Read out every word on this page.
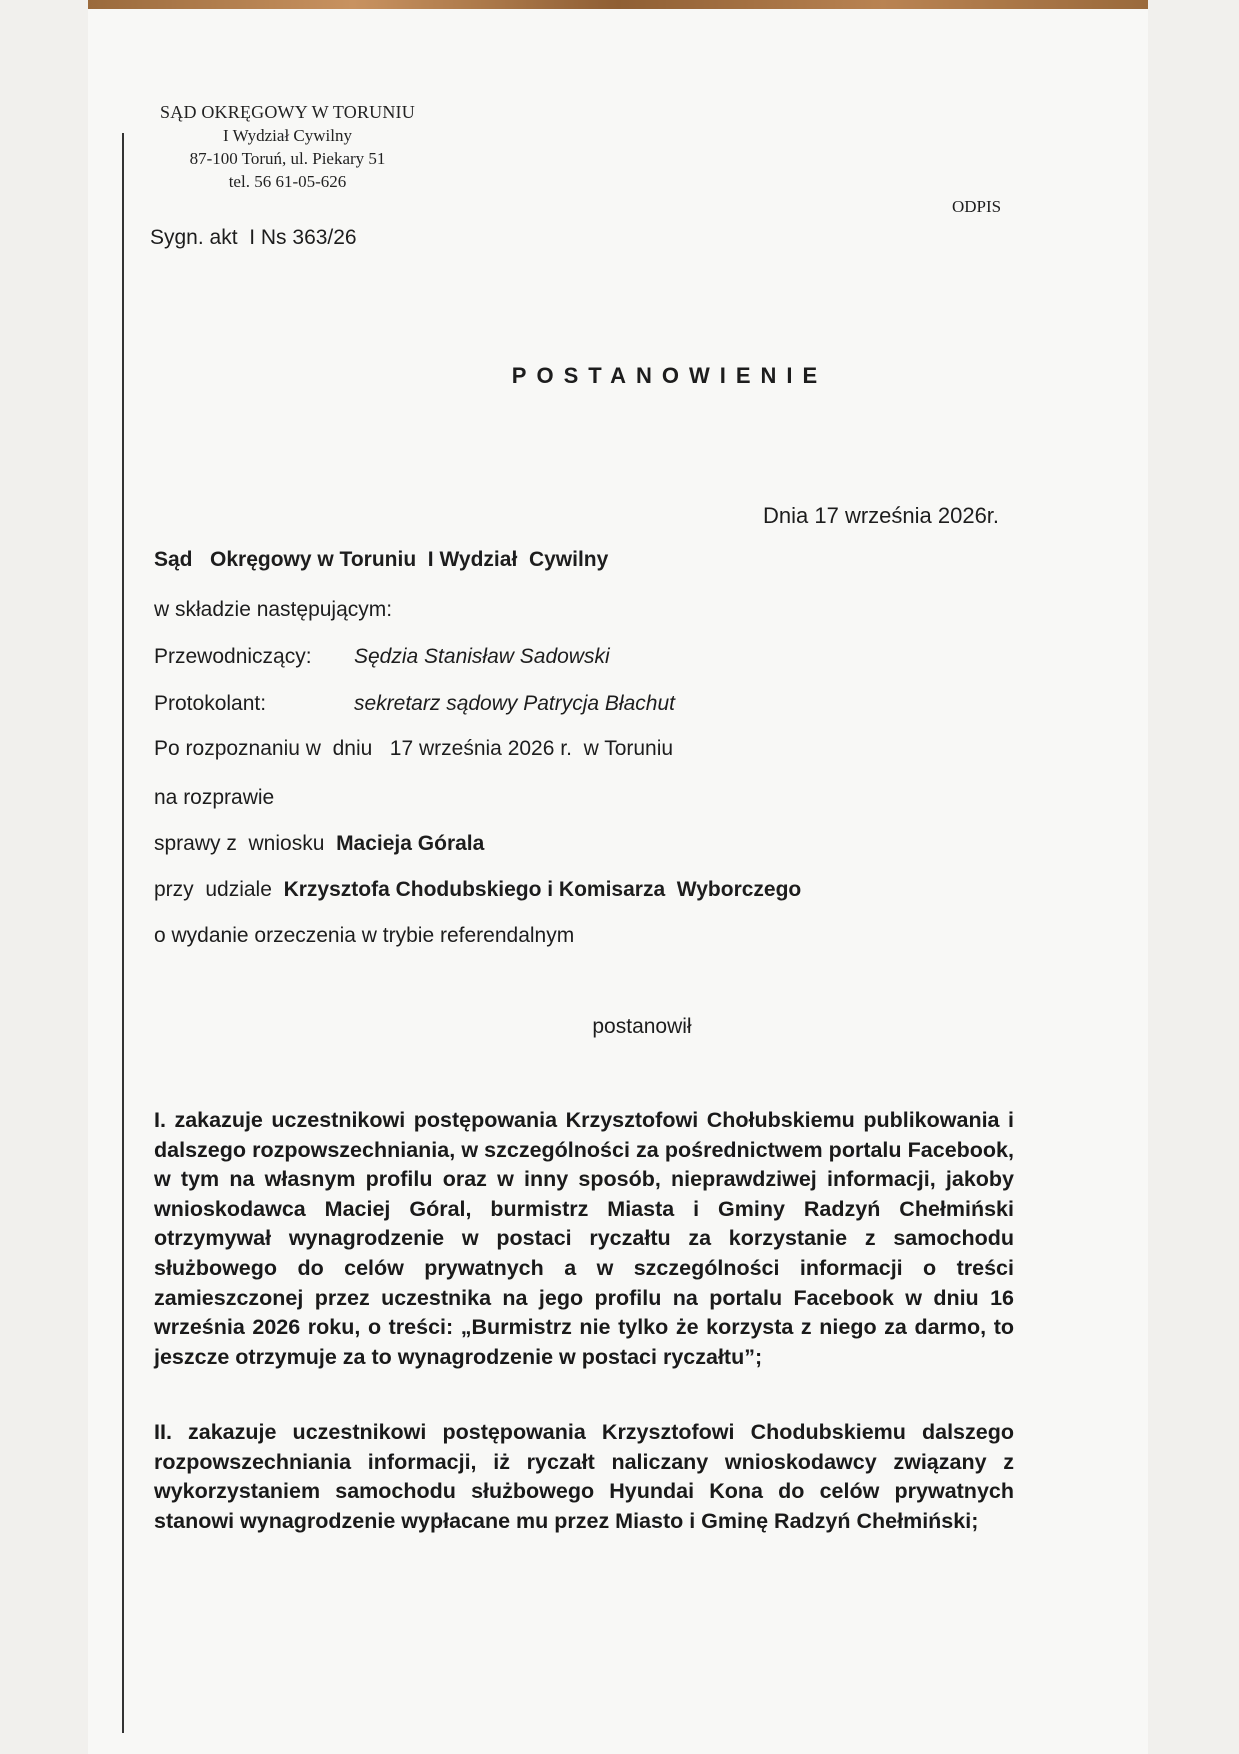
SĄD OKRĘGOWY W TORUNIU
I Wydział Cywilny
87-100 Toruń, ul. Piekary 51
tel. 56 61-05-626
Sygn. akt  I Ns 363/26
ODPIS
POSTANOWIENIE
Dnia 17 września 2026r.
Sąd   Okręgowy w Toruniu  I Wydział  Cywilny
w składzie następującym:
Przewodniczący: Sędzia Stanisław Sadowski
Protokolant:	sekretarz sądowy Patrycja Błachut
Po rozpoznaniu w  dniu   17 września 2026 r.  w Toruniu
na rozprawie
sprawy z  wniosku  Macieja Górala
przy  udziale  Krzysztofa Chodubskiego i Komisarza  Wyborczego
o wydanie orzeczenia w trybie referendalnym
postanowił
I. zakazuje uczestnikowi postępowania Krzysztofowi Chołubskiemu publikowania i dalszego rozpowszechniania, w szczególności za pośrednictwem portalu Facebook, w tym na własnym profilu oraz w inny sposób, nieprawdziwej informacji, jakoby wnioskodawca Maciej Góral, burmistrz Miasta i Gminy Radzyń Chełmiński otrzymywał wynagrodzenie w postaci ryczałtu za korzystanie z samochodu służbowego do celów prywatnych a w szczególności informacji o treści zamieszczonej przez uczestnika na jego profilu na portalu Facebook w dniu 16 września 2026 roku, o treści: „Burmistrz nie tylko że korzysta z niego za darmo, to jeszcze otrzymuje za to wynagrodzenie w postaci ryczałtu”;
II. zakazuje uczestnikowi postępowania Krzysztofowi Chodubskiemu dalszego rozpowszechniania informacji, iż ryczałt naliczany wnioskodawcy związany z wykorzystaniem samochodu służbowego Hyundai Kona do celów prywatnych stanowi wynagrodzenie wypłacane mu przez Miasto i Gminę Radzyń Chełmiński;
